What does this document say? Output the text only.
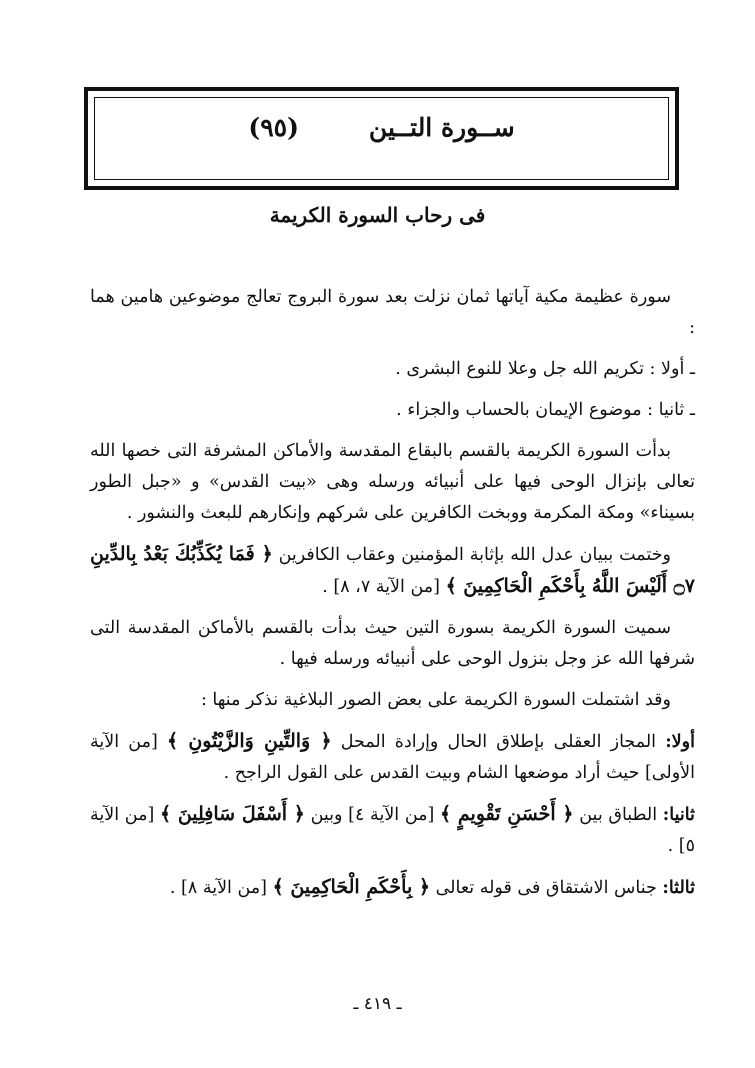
ســورة التــين
(٩٥)
فى رحاب السورة الكريمة

سورة عظيمة مكية آياتها ثمان نزلت بعد سورة البروج تعالج موضوعين هامين هما :

ـ أولا : تكريم الله جل وعلا للنوع البشرى .

ـ ثانيا : موضوع الإيمان بالحساب والجزاء .

بدأت السورة الكريمة بالقسم بالبقاع المقدسة والأماكن المشرفة التى خصها الله تعالى بإنزال الوحى فيها على أنبيائه ورسله وهى «بيت القدس» و «جبل الطور بسيناء» ومكة المكرمة ووبخت الكافرين على شركهم وإنكارهم للبعث والنشور .

وختمت ببيان عدل الله بإثابة المؤمنين وعقاب الكافرين ﴿ فَمَا يُكَذِّبُكَ بَعْدُ بِالدِّينِ ۝٧ أَلَيْسَ اللَّهُ بِأَحْكَمِ الْحَاكِمِينَ ﴾ [من الآية ٧، ٨] .

سميت السورة الكريمة بسورة التين حيث بدأت بالقسم بالأماكن المقدسة التى شرفها الله عز وجل بنزول الوحى على أنبيائه ورسله فيها .

وقد اشتملت السورة الكريمة على بعض الصور البلاغية نذكر منها :

أولا: المجاز العقلى بإطلاق الحال وإرادة المحل ﴿ وَالتِّينِ وَالزَّيْتُونِ ﴾ [من الآية الأولى] حيث أراد موضعها الشام وبيت القدس على القول الراجح .

ثانيا: الطباق بين ﴿ أَحْسَنِ تَقْوِيمٍ ﴾ [من الآية ٤] وبين ﴿ أَسْفَلَ سَافِلِينَ ﴾ [من الآية ٥] .

ثالثا: جناس الاشتقاق فى قوله تعالى ﴿ بِأَحْكَمِ الْحَاكِمِينَ ﴾ [من الآية ٨] .

ـ ٤١٩ ـ
